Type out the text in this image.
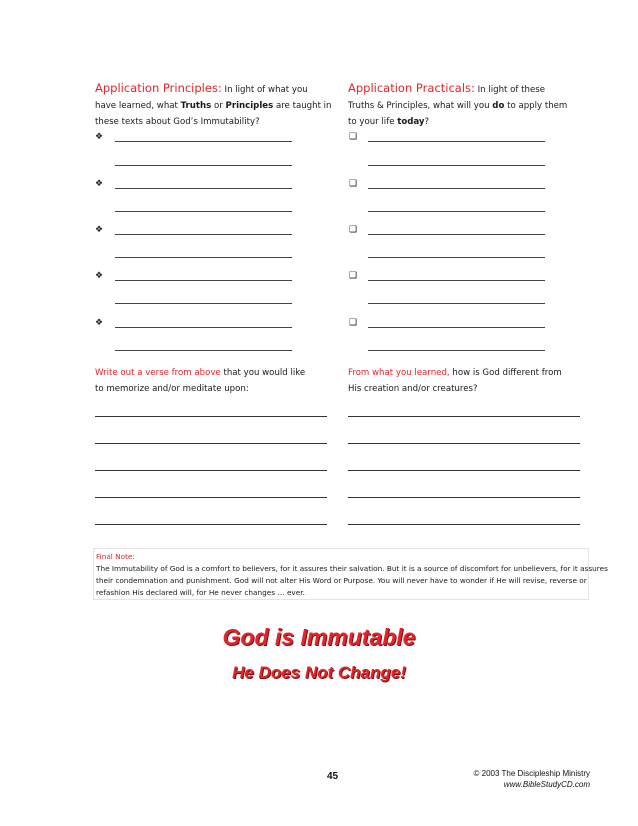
Application Principles: In light of what you
have learned, what Truths or Principles are taught in
these texts about God’s Immutability?
Application Practicals: In light of these
Truths & Principles, what will you do to apply them
to your life today?
❖
❖
❖
❖
❖
❑
❑
❑
❑
❑
Write out a verse from above that you would like
to memorize and/or meditate upon:
From what you learned, how is God different from
His creation and/or creatures?
Final Note:
The Immutability of God is a comfort to believers, for it assures their salvation. But it is a source of discomfort for unbelievers, for it assures
their condemnation and punishment. God will not alter His Word or Purpose. You will never have to wonder if He will revise, reverse or
refashion His declared will, for He never changes … ever.
God is Immutable
He Does Not Change!
45	© 2003 The Discipleship Ministry
www.BibleStudyCD.com
